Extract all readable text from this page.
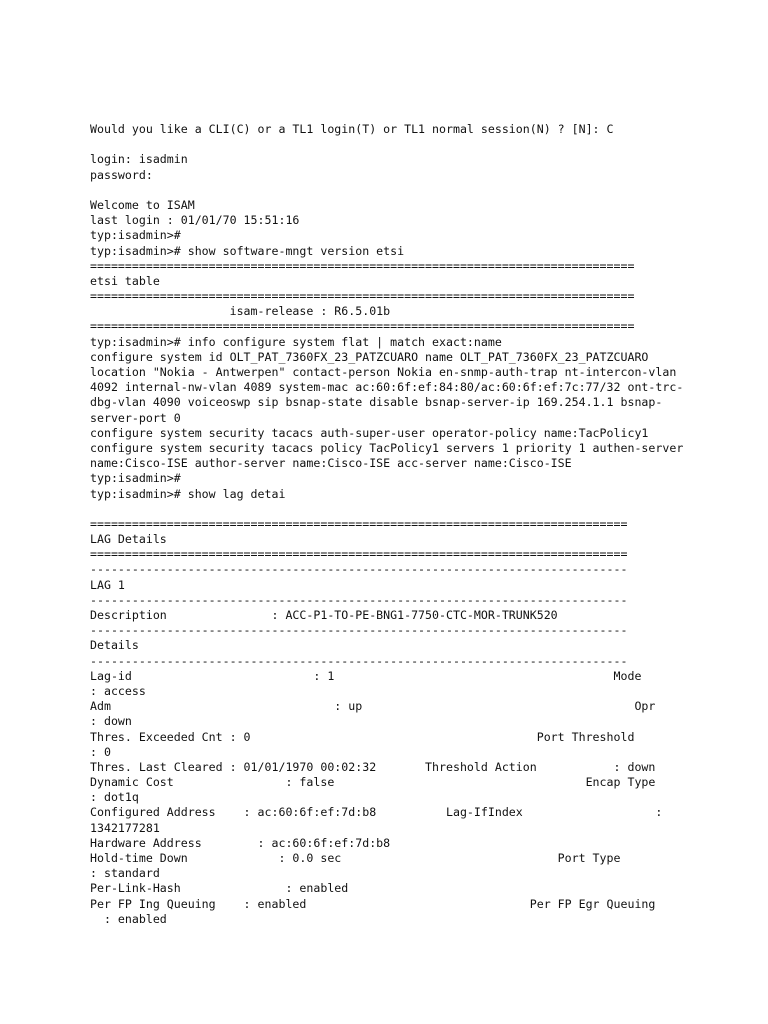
Would you like a CLI(C) or a TL1 login(T) or TL1 normal session(N) ? [N]: C
login: isadmin
password:
Welcome to ISAM
last login : 01/01/70 15:51:16
typ:isadmin>#
typ:isadmin># show software-mngt version etsi
==============================================================================
etsi table
==============================================================================
isam-release : R6.5.01b
==============================================================================
typ:isadmin># info configure system flat | match exact:name
configure system id OLT_PAT_7360FX_23_PATZCUARO name OLT_PAT_7360FX_23_PATZCUARO
location "Nokia - Antwerpen" contact-person Nokia en-snmp-auth-trap nt-intercon-vlan
4092 internal-nw-vlan 4089 system-mac ac:60:6f:ef:84:80/ac:60:6f:ef:7c:77/32 ont-trc-
dbg-vlan 4090 voiceoswp sip bsnap-state disable bsnap-server-ip 169.254.1.1 bsnap-
server-port 0
configure system security tacacs auth-super-user operator-policy name:TacPolicy1
configure system security tacacs policy TacPolicy1 servers 1 priority 1 authen-server
name:Cisco-ISE author-server name:Cisco-ISE acc-server name:Cisco-ISE
typ:isadmin>#
typ:isadmin># show lag detai
=============================================================================
LAG Details
=============================================================================
-----------------------------------------------------------------------------
LAG 1
-----------------------------------------------------------------------------
Description               : ACC-P1-TO-PE-BNG1-7750-CTC-MOR-TRUNK520
-----------------------------------------------------------------------------
Details
-----------------------------------------------------------------------------
Lag-id                          : 1                                        Mode
: access
Adm                                : up                                       Opr
: down
Thres. Exceeded Cnt : 0                                         Port Threshold
: 0
Thres. Last Cleared : 01/01/1970 00:02:32       Threshold Action           : down
Dynamic Cost                : false                                    Encap Type
: dot1q
Configured Address    : ac:60:6f:ef:7d:b8          Lag-IfIndex                   :
1342177281
Hardware Address        : ac:60:6f:ef:7d:b8
Hold-time Down             : 0.0 sec                               Port Type
: standard
Per-Link-Hash               : enabled
Per FP Ing Queuing    : enabled                                Per FP Egr Queuing
: enabled
